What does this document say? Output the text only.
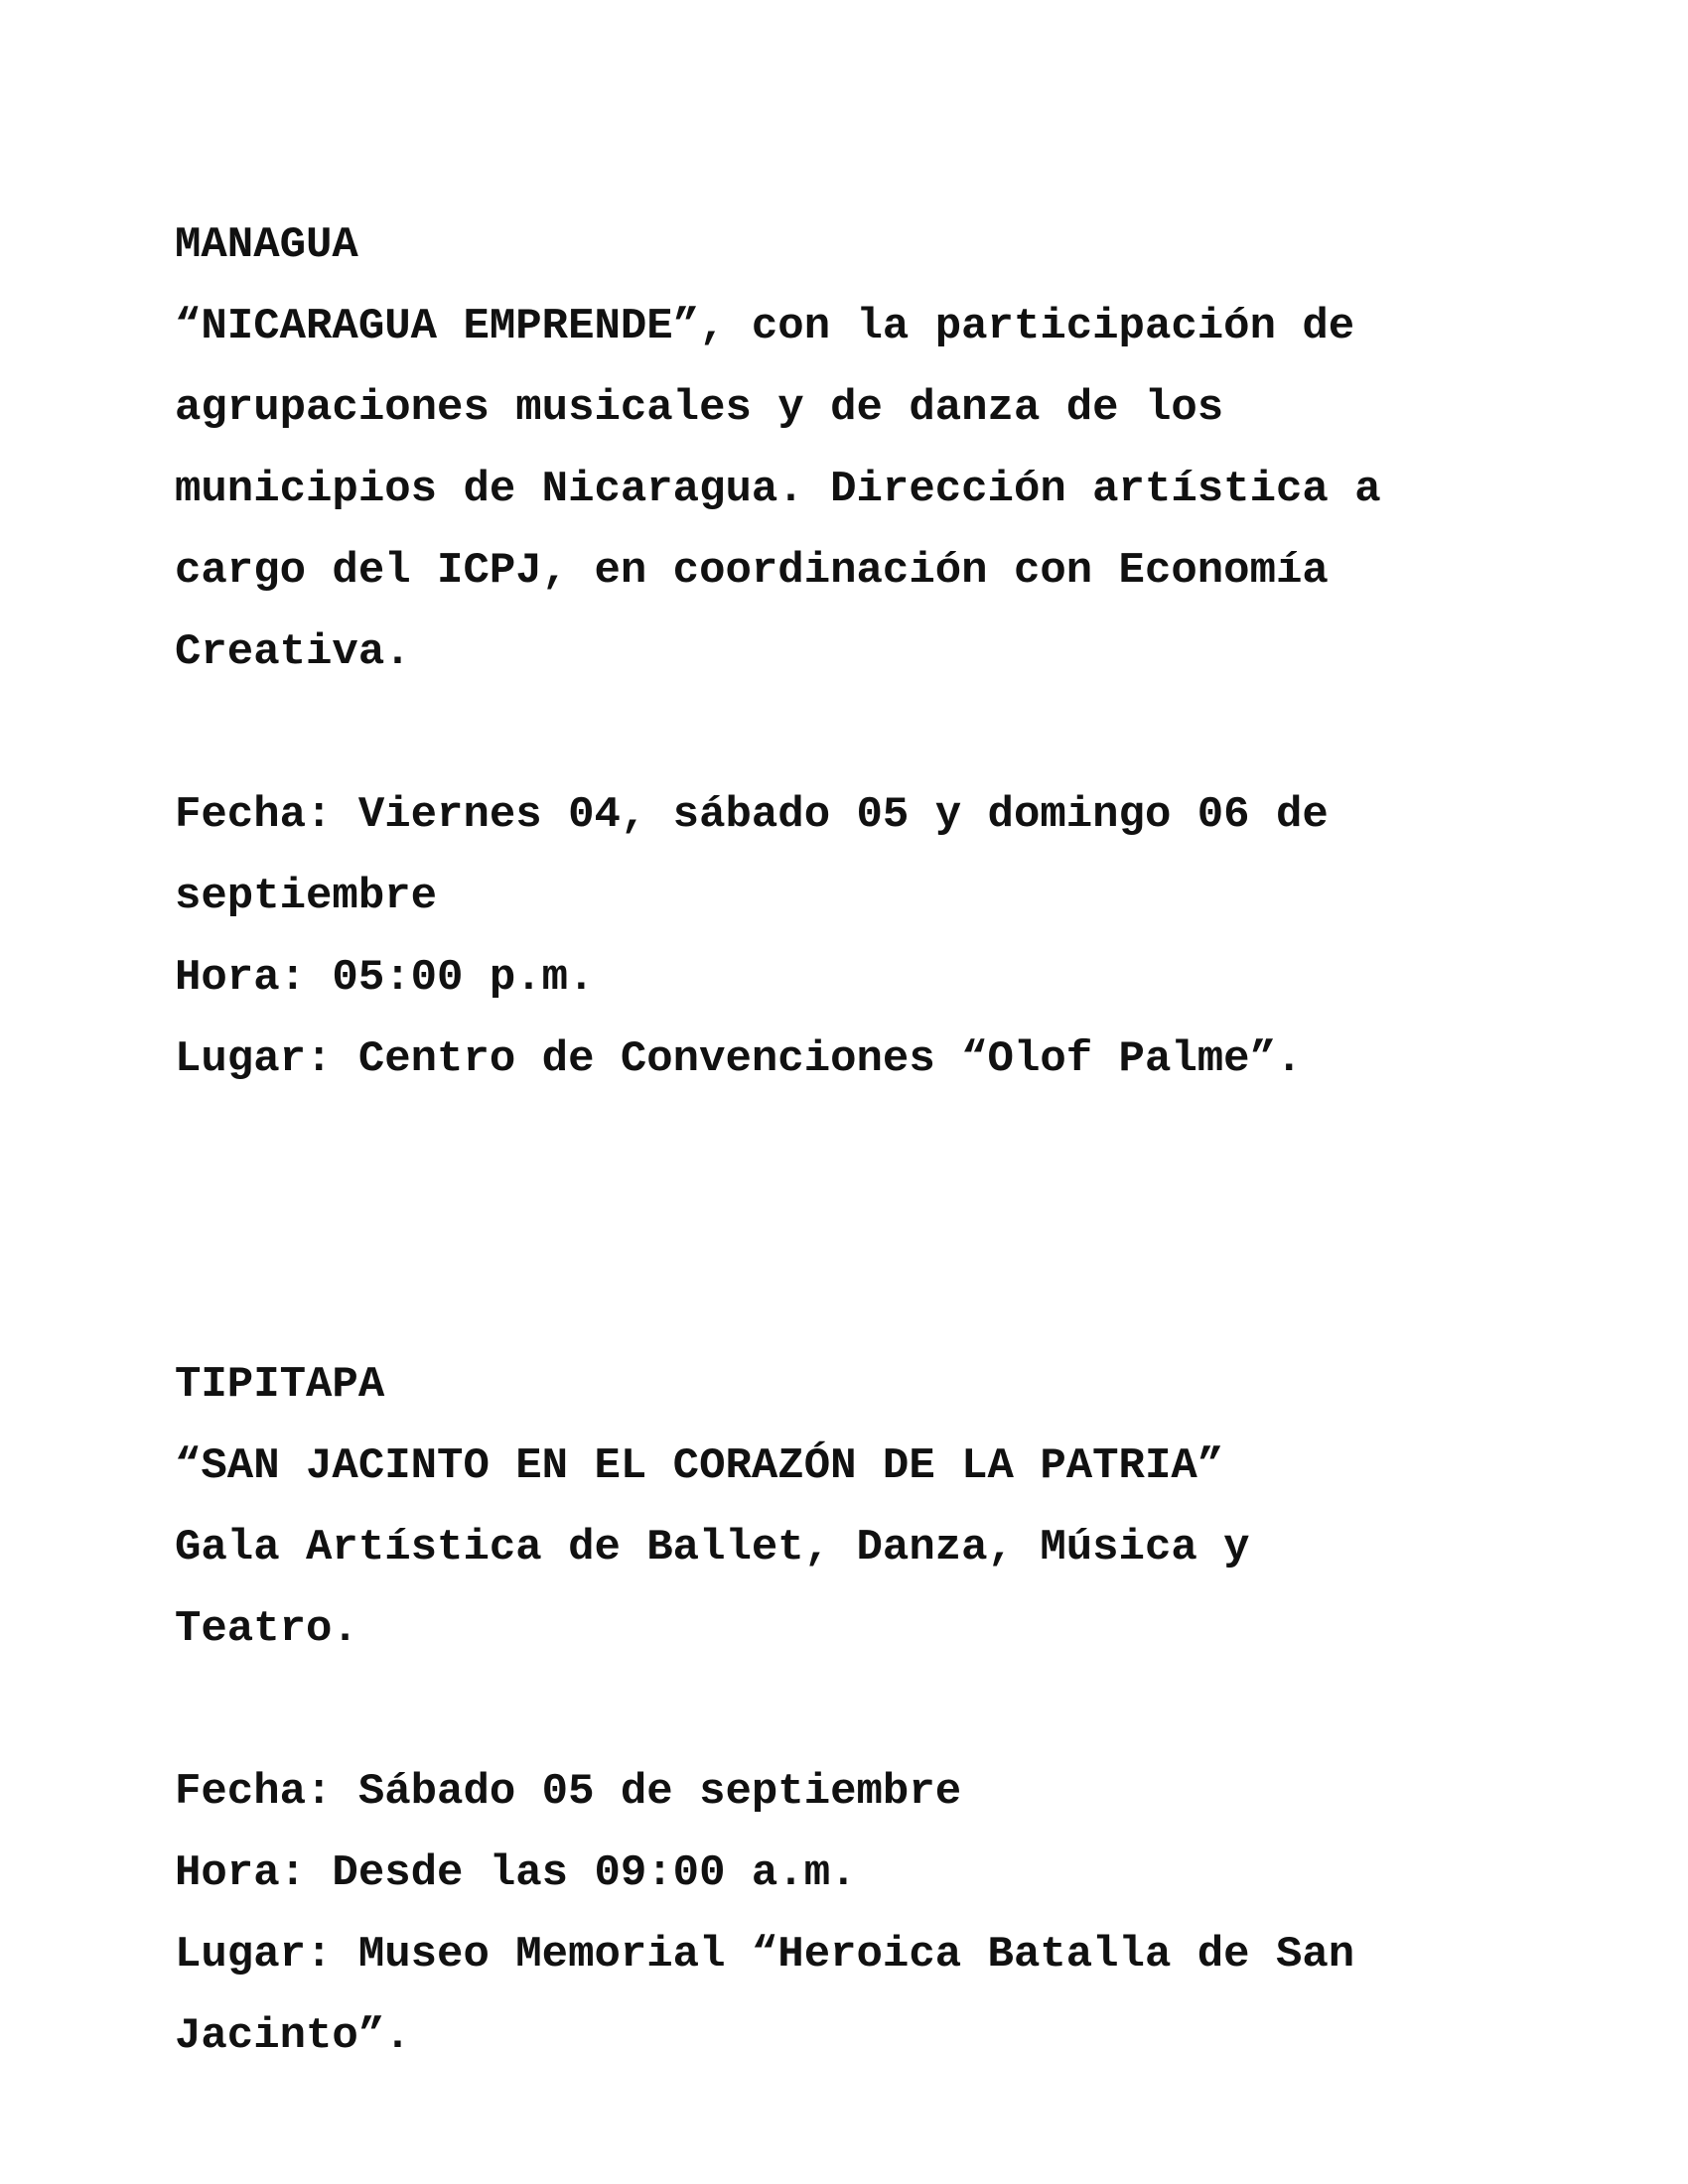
MANAGUA

“NICARAGUA EMPRENDE”, con la participación de

agrupaciones musicales y de danza de los

municipios de Nicaragua. Dirección artística a

cargo del ICPJ, en coordinación con Economía

Creativa.

Fecha: Viernes 04, sábado 05 y domingo 06 de

septiembre

Hora: 05:00 p.m.

Lugar: Centro de Convenciones “Olof Palme”.

TIPITAPA

“SAN JACINTO EN EL CORAZÓN DE LA PATRIA”

Gala Artística de Ballet, Danza, Música y

Teatro.

Fecha: Sábado 05 de septiembre

Hora: Desde las 09:00 a.m.

Lugar: Museo Memorial “Heroica Batalla de San

Jacinto”.
